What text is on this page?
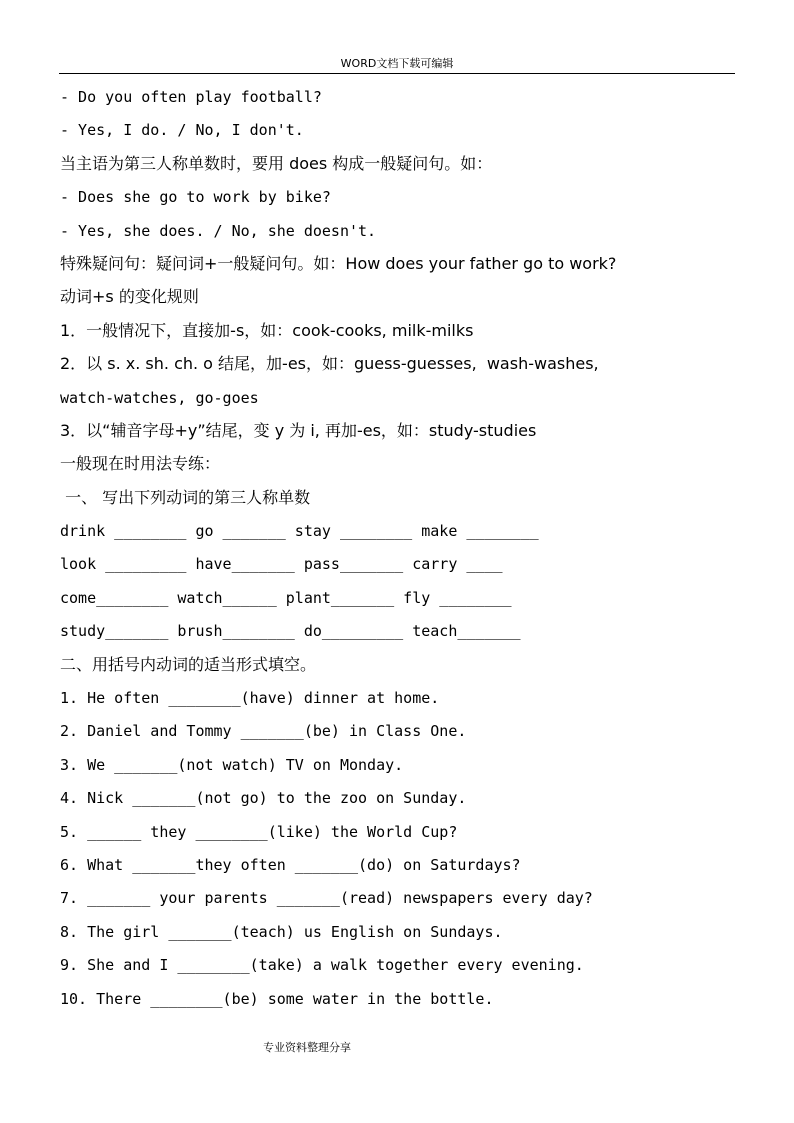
WORD文档下载可编辑
- Do you often play football?
- Yes, I do. / No, I don't.
当主语为第三人称单数时，要用 does 构成一般疑问句。如：
- Does she go to work by bike?
- Yes, she does. / No, she doesn't.
特殊疑问句：疑问词+一般疑问句。如：How does your father go to work?
动词+s 的变化规则
1．一般情况下，直接加-s，如：cook-cooks, milk-milks
2．以 s. x. sh. ch. o 结尾，加-es，如：guess-guesses,  wash-washes,
watch-watches, go-goes
3．以“辅音字母+y”结尾，变 y 为 i, 再加-es，如：study-studies
一般现在时用法专练：
一、 写出下列动词的第三人称单数
drink ________ go _______ stay ________ make ________
look _________ have_______ pass_______ carry ____
come________ watch______ plant_______ fly ________
study_______ brush________ do_________ teach_______
二、用括号内动词的适当形式填空。
1. He often ________(have) dinner at home.
2. Daniel and Tommy _______(be) in Class One.
3. We _______(not watch) TV on Monday.
4. Nick _______(not go) to the zoo on Sunday.
5. ______ they ________(like) the World Cup?
6. What _______they often _______(do) on Saturdays?
7. _______ your parents _______(read) newspapers every day?
8. The girl _______(teach) us English on Sundays.
9. She and I ________(take) a walk together every evening.
10. There ________(be) some water in the bottle.
专业资料整理分享
